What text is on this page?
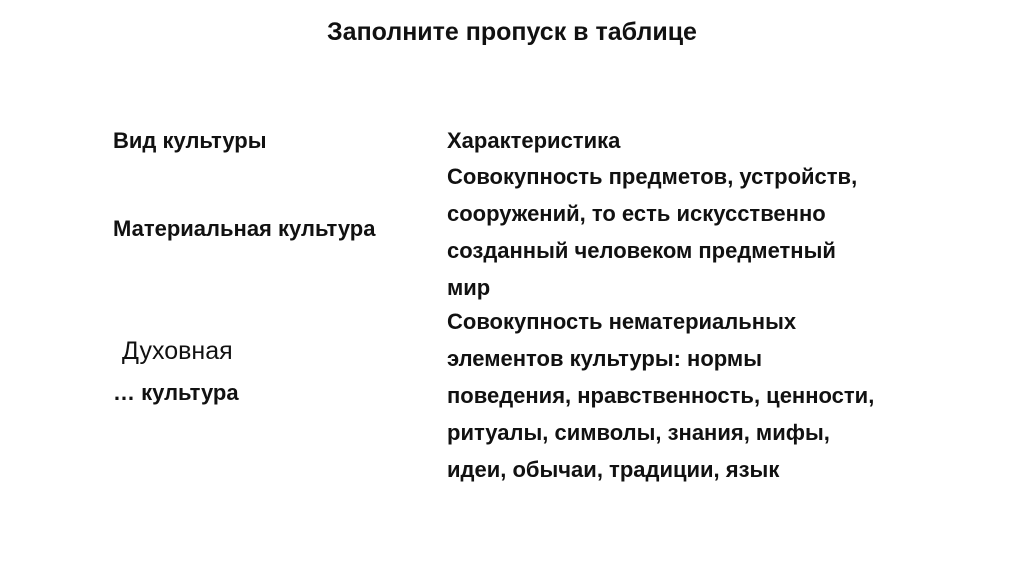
Заполните пропуск в таблице
Вид культуры	Характеристика
Материальная культура
Совокупность предметов, устройств,
сооружений, то есть искусственно
созданный человеком предметный
мир
Духовная
… культура
Совокупность нематериальных
элементов культуры: нормы
поведения, нравственность, ценности,
ритуалы, символы, знания, мифы,
идеи, обычаи, традиции, язык
